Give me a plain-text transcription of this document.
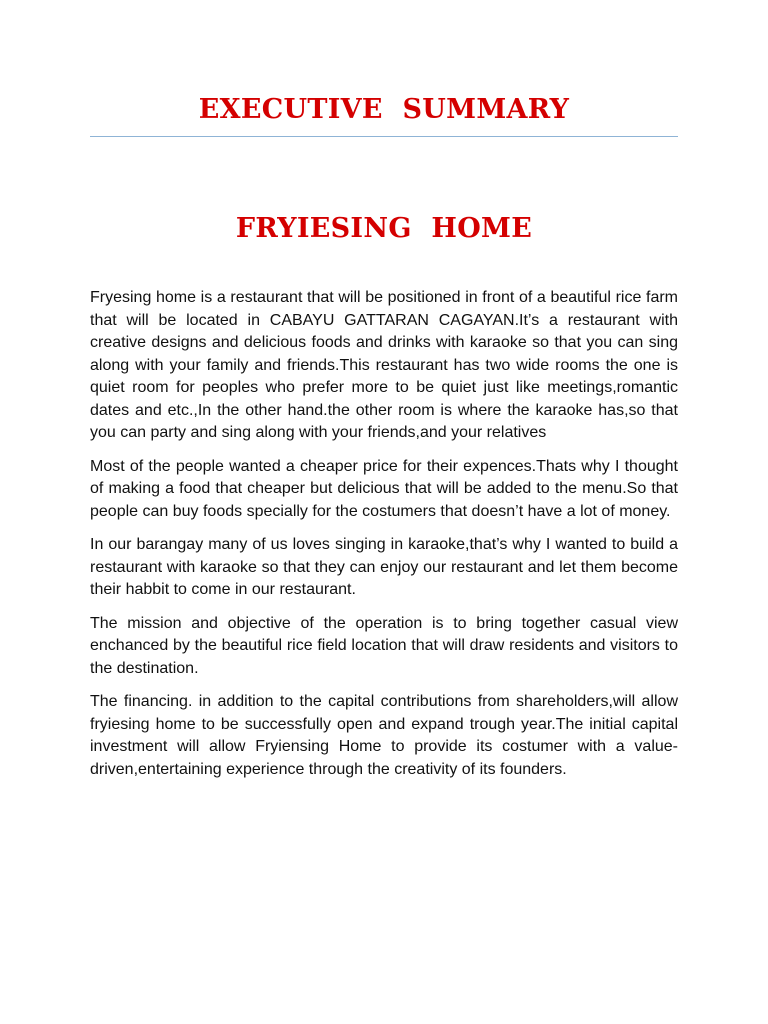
EXECUTIVE SUMMARY
FRYIESING HOME

Fryesing home is a restaurant that will be positioned in front of a beautiful rice farm that will be located in CABAYU GATTARAN CAGAYAN.It’s a restaurant with creative designs and delicious foods and drinks with karaoke so that you can sing along with your family and friends.This restaurant has two wide rooms the one is quiet room for peoples who prefer more to be quiet just like meetings,romantic dates and etc.,In the other hand.the other room is where the karaoke has,so that you can party and sing along with your friends,and your relatives

Most of the people wanted a cheaper price for their expences.Thats why I thought of making a food that cheaper but delicious that will be added to the menu.So that people can buy foods specially for the costumers that doesn’t have a lot of money.

In our barangay many of us loves singing in karaoke,that’s why I wanted to build a restaurant with karaoke so that they can enjoy our restaurant and let them become their habbit to come in our restaurant.

The mission and objective of the operation is to bring together casual view enchanced by the beautiful rice field location that will draw residents and visitors to the destination.

The financing. in addition to the capital contributions from shareholders,will allow fryiesing home to be successfully open and expand trough year.The initial capital investment will allow Fryiensing Home to provide its costumer with a value-driven,entertaining experience through the creativity of its founders.
